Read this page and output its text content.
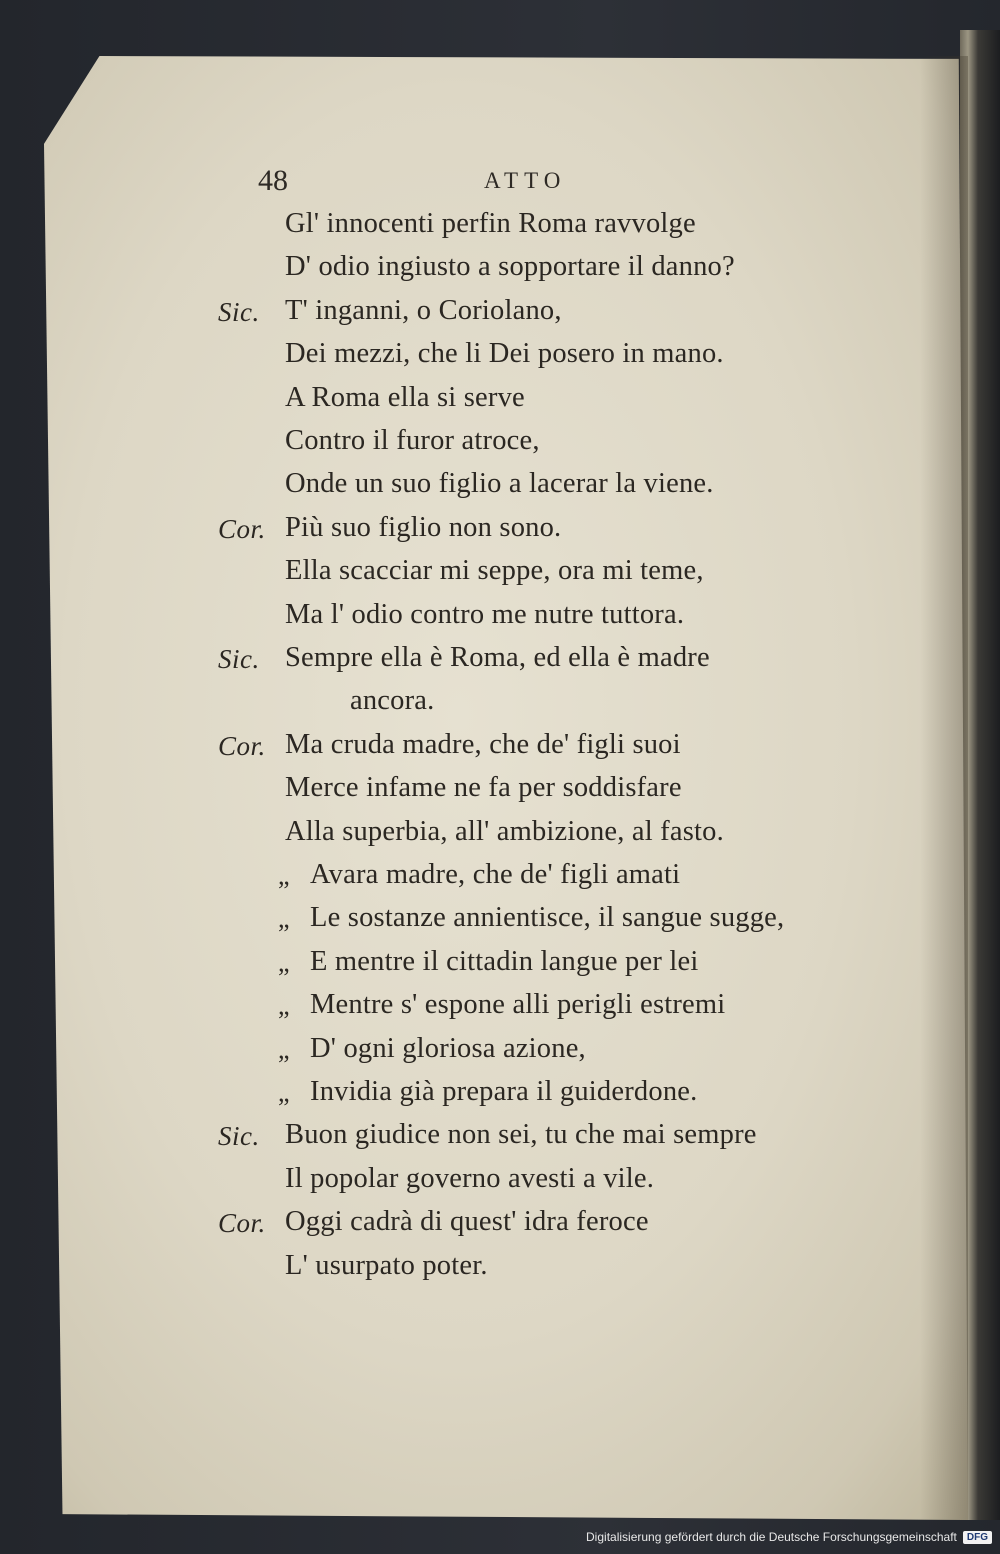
48	ATTO
Gl' innocenti perfin Roma ravvolge
D' odio ingiusto a sopportare il danno?
Sic. T' inganni, o Coriolano,
Dei mezzi, che li Dei posero in mano.
A Roma ella si serve
Contro il furor atroce,
Onde un suo figlio a lacerar la viene.
Cor. Più suo figlio non sono.
Ella scacciar mi seppe, ora mi teme,
Ma l' odio contro me nutre tuttora.
Sic. Sempre ella è Roma, ed ella è madre
ancora.
Cor. Ma cruda madre, che de' figli suoi
Merce infame ne fa per soddisfare
Alla superbia, all' ambizione, al fasto.
„ Avara madre, che de' figli amati
„ Le sostanze annientisce, il sangue sugge,
„ E mentre il cittadin langue per lei
„ Mentre s' espone alli perigli estremi
„ D' ogni gloriosa azione,
„ Invidia già prepara il guiderdone.
Sic. Buon giudice non sei, tu che mai sempre
Il popolar governo avesti a vile.
Cor. Oggi cadrà di quest' idra feroce
L' usurpato poter.
Digitalisierung gefördert durch die Deutsche Forschungsgemeinschaft	DFG
